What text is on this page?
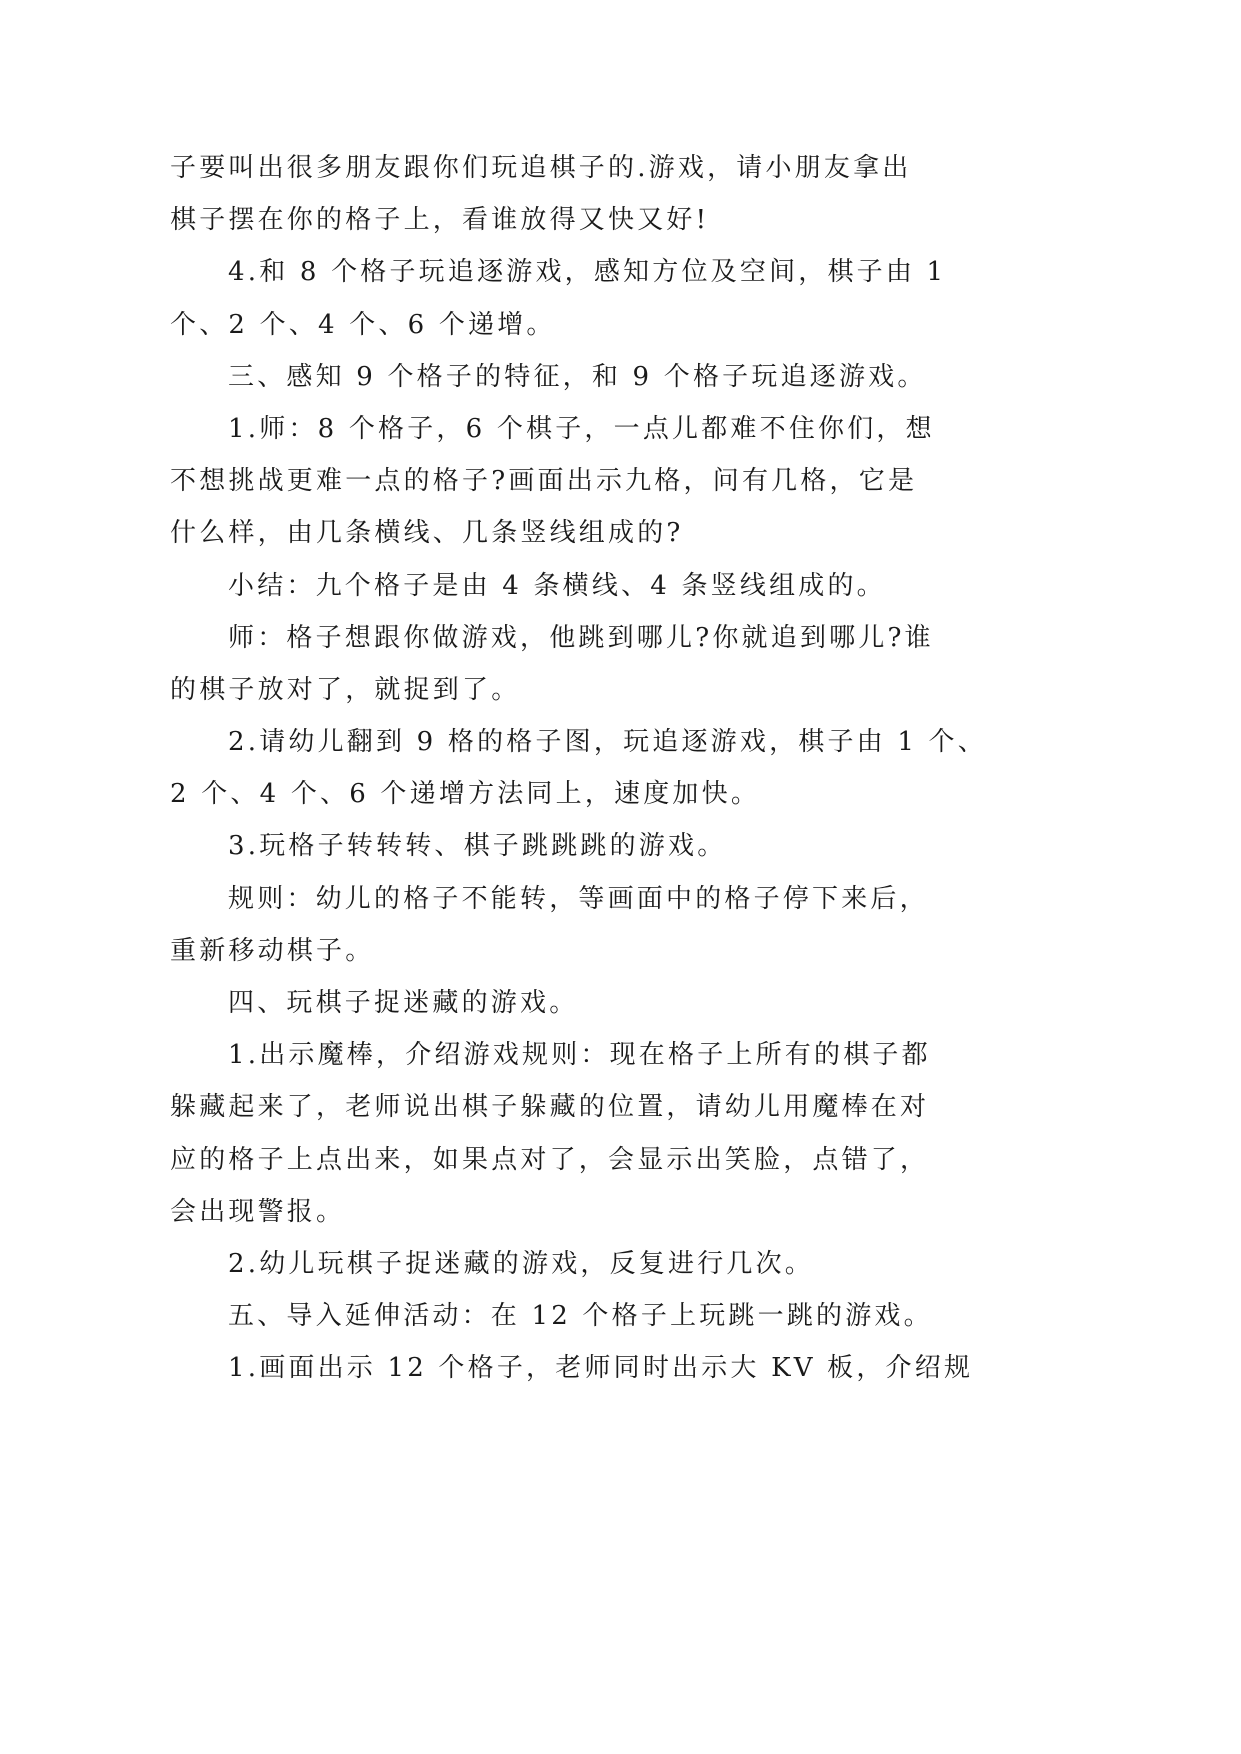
子要叫出很多朋友跟你们玩追棋子的.游戏，请小朋友拿出
棋子摆在你的格子上，看谁放得又快又好!
4.和 8 个格子玩追逐游戏，感知方位及空间，棋子由 1
个、2 个、4 个、6 个递增。
三、感知 9 个格子的特征，和 9 个格子玩追逐游戏。
1.师：8 个格子，6 个棋子，一点儿都难不住你们，想
不想挑战更难一点的格子?画面出示九格，问有几格，它是
什么样，由几条横线、几条竖线组成的?
小结：九个格子是由 4 条横线、4 条竖线组成的。
师：格子想跟你做游戏，他跳到哪儿?你就追到哪儿?谁
的棋子放对了，就捉到了。
2.请幼儿翻到 9 格的格子图，玩追逐游戏，棋子由 1 个、
2 个、4 个、6 个递增方法同上，速度加快。
3.玩格子转转转、棋子跳跳跳的游戏。
规则：幼儿的格子不能转，等画面中的格子停下来后，
重新移动棋子。
四、玩棋子捉迷藏的游戏。
1.出示魔棒，介绍游戏规则：现在格子上所有的棋子都
躲藏起来了，老师说出棋子躲藏的位置，请幼儿用魔棒在对
应的格子上点出来，如果点对了，会显示出笑脸，点错了，
会出现警报。
2.幼儿玩棋子捉迷藏的游戏，反复进行几次。
五、导入延伸活动：在 12 个格子上玩跳一跳的游戏。
1.画面出示 12 个格子，老师同时出示大 KV 板，介绍规
